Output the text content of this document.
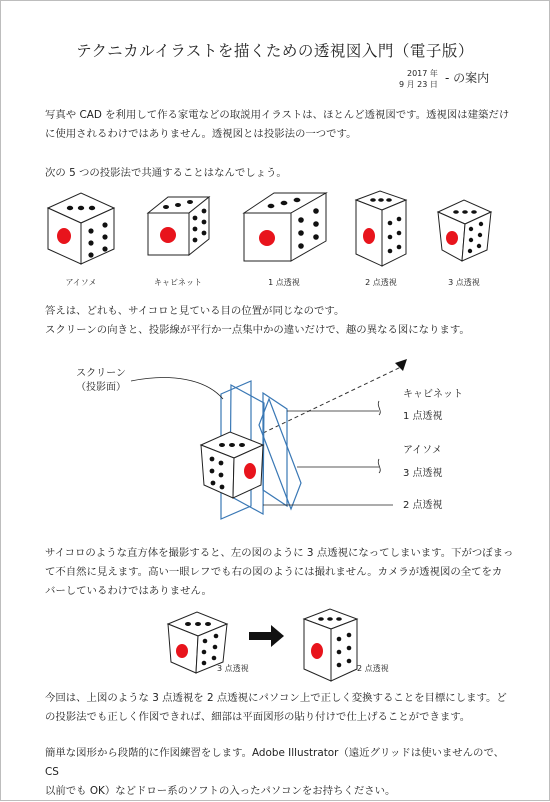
テクニカルイラストを描くための透視図入門（電子版）
2017 年
9 月 23 日 - の案内
写真や CAD を利用して作る家電などの取説用イラストは、ほとんど透視図です。透視図は建築だけ
に使用されるわけではありません。透視図とは投影法の一つです。
次の 5 つの投影法で共通することはなんでしょう。
アイソメ	キャビネット	1 点透視	2 点透視	3 点透視
スクリーン
（投影面）
キャビネット
1 点透視
アイソメ
3 点透視
2 点透視
3 点透視	2 点透視
答えは、どれも、サイコロと見ている目の位置が同じなのです。
スクリーンの向きと、投影線が平行か一点集中かの違いだけで、趣の異なる図になります。
サイコロのような直方体を撮影すると、左の図のように 3 点透視になってしまいます。下がつぼまっ
て不自然に見えます。高い一眼レフでも右の図のようには撮れません。カメラが透視図の全てをカ
バーしているわけではありません。
今回は、上図のような 3 点透視を 2 点透視にパソコン上で正しく変換することを目標にします。ど
の投影法でも正しく作図できれば、細部は平面図形の貼り付けで仕上げることができます。
簡単な図形から段階的に作図練習をします。Adobe Illustrator（遠近グリッドは使いませんので、CS
以前でも OK）などドロー系のソフトの入ったパソコンをお持ちください。
